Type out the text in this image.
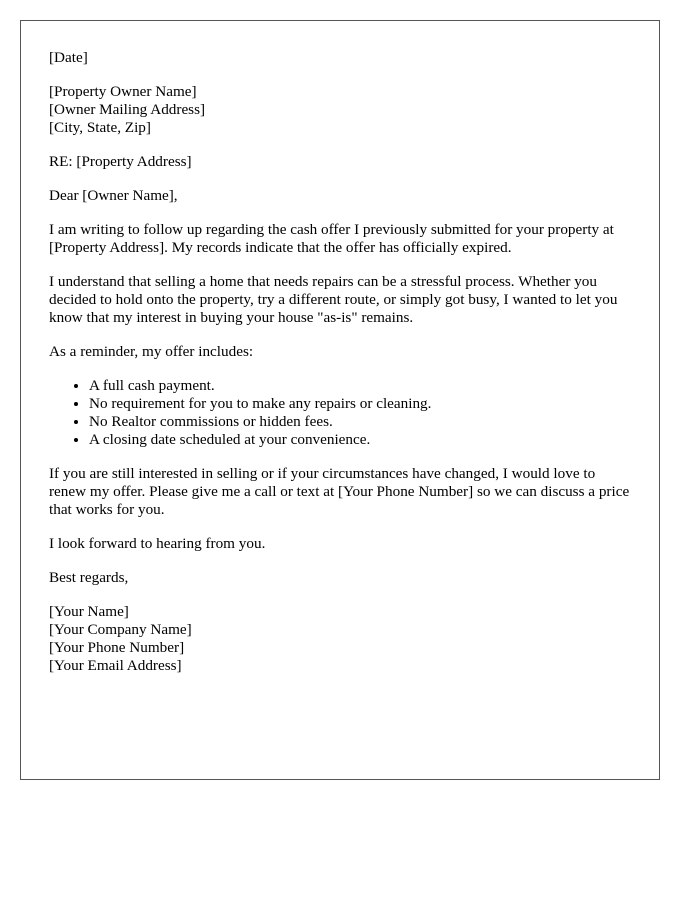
[Date]

[Property Owner Name]
[Owner Mailing Address]
[City, State, Zip]

RE: [Property Address]

Dear [Owner Name],

I am writing to follow up regarding the cash offer I previously submitted for your property at [Property Address]. My records indicate that the offer has officially expired.

I understand that selling a home that needs repairs can be a stressful process. Whether you decided to hold onto the property, try a different route, or simply got busy, I wanted to let you know that my interest in buying your house "as-is" remains.

As a reminder, my offer includes:

• A full cash payment.
• No requirement for you to make any repairs or cleaning.
• No Realtor commissions or hidden fees.
• A closing date scheduled at your convenience.

If you are still interested in selling or if your circumstances have changed, I would love to renew my offer. Please give me a call or text at [Your Phone Number] so we can discuss a price that works for you.

I look forward to hearing from you.

Best regards,

[Your Name]
[Your Company Name]
[Your Phone Number]
[Your Email Address]
